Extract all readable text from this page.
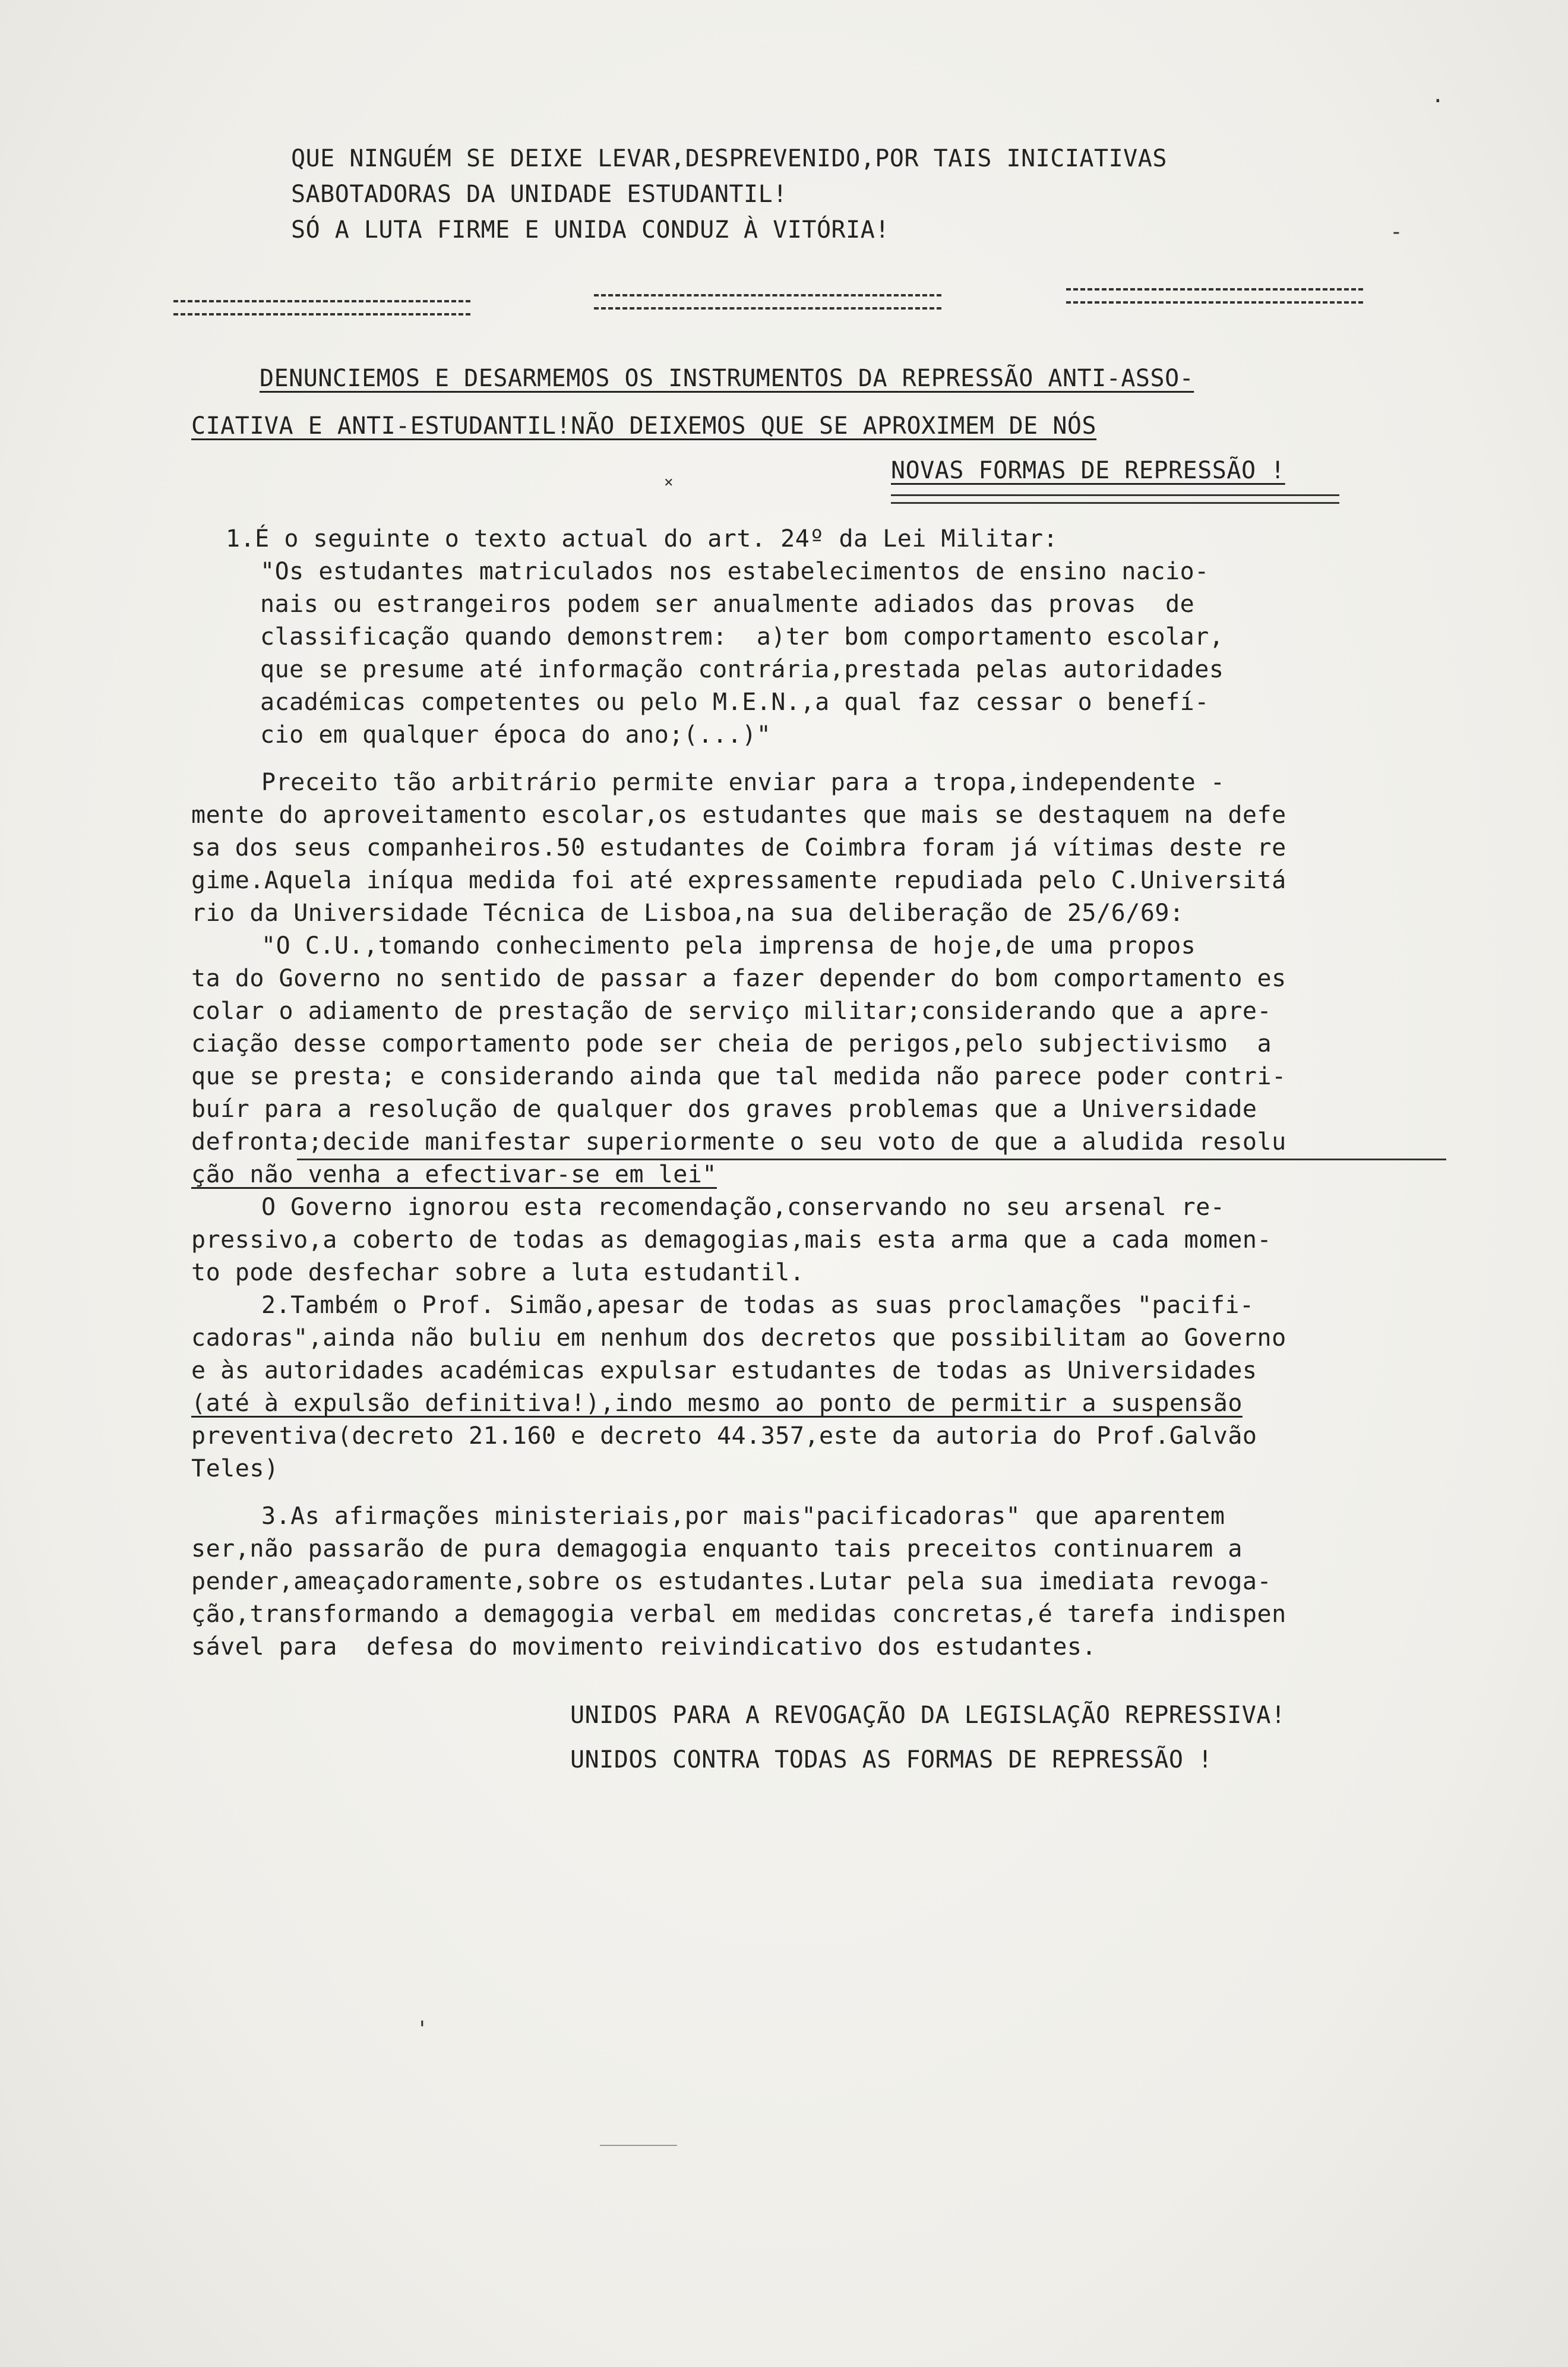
QUE NINGUÉM SE DEIXE LEVAR,DESPREVENIDO,POR TAIS INICIATIVAS
SABOTADORAS DA UNIDADE ESTUDANTIL!
SÓ A LUTA FIRME E UNIDA CONDUZ À VITÓRIA!
DENUNCIEMOS E DESARMEMOS OS INSTRUMENTOS DA REPRESSÃO ANTI-ASSO-
CIATIVA E ANTI-ESTUDANTIL!NÃO DEIXEMOS QUE SE APROXIMEM DE NÓS
NOVAS FORMAS DE REPRESSÃO !
˟
1.É o seguinte o texto actual do art. 24º da Lei Militar:
"Os estudantes matriculados nos estabelecimentos de ensino nacio-
nais ou estrangeiros podem ser anualmente adiados das provas  de
classificação quando demonstrem:  a)ter bom comportamento escolar,
que se presume até informação contrária,prestada pelas autoridades
académicas competentes ou pelo M.E.N.,a qual faz cessar o benefí-
cio em qualquer época do ano;(...)"
Preceito tão arbitrário permite enviar para a tropa,independente -
mente do aproveitamento escolar,os estudantes que mais se destaquem na defe
sa dos seus companheiros.50 estudantes de Coimbra foram já vítimas deste re
gime.Aquela iníqua medida foi até expressamente repudiada pelo C.Universitá
rio da Universidade Técnica de Lisboa,na sua deliberação de 25/6/69:
"O C.U.,tomando conhecimento pela imprensa de hoje,de uma propos
ta do Governo no sentido de passar a fazer depender do bom comportamento es
colar o adiamento de prestação de serviço militar;considerando que a apre-
ciação desse comportamento pode ser cheia de perigos,pelo subjectivismo  a
que se presta; e considerando ainda que tal medida não parece poder contri-
buír para a resolução de qualquer dos graves problemas que a Universidade
defronta;decide manifestar superiormente o seu voto de que a aludida resolu
ção não venha a efectivar-se em lei"
O Governo ignorou esta recomendação,conservando no seu arsenal re-
pressivo,a coberto de todas as demagogias,mais esta arma que a cada momen-
to pode desfechar sobre a luta estudantil.
2.Também o Prof. Simão,apesar de todas as suas proclamações "pacifi-
cadoras",ainda não buliu em nenhum dos decretos que possibilitam ao Governo
e às autoridades académicas expulsar estudantes de todas as Universidades
(até à expulsão definitiva!),indo mesmo ao ponto de permitir a suspensão
preventiva(decreto 21.160 e decreto 44.357,este da autoria do Prof.Galvão
Teles)
3.As afirmações ministeriais,por mais"pacificadoras" que aparentem
ser,não passarão de pura demagogia enquanto tais preceitos continuarem a
pender,ameaçadoramente,sobre os estudantes.Lutar pela sua imediata revoga-
ção,transformando a demagogia verbal em medidas concretas,é tarefa indispen
sável para  defesa do movimento reivindicativo dos estudantes.
UNIDOS PARA A REVOGAÇÃO DA LEGISLAÇÃO REPRESSIVA!
UNIDOS CONTRA TODAS AS FORMAS DE REPRESSÃO !
-
·
'
